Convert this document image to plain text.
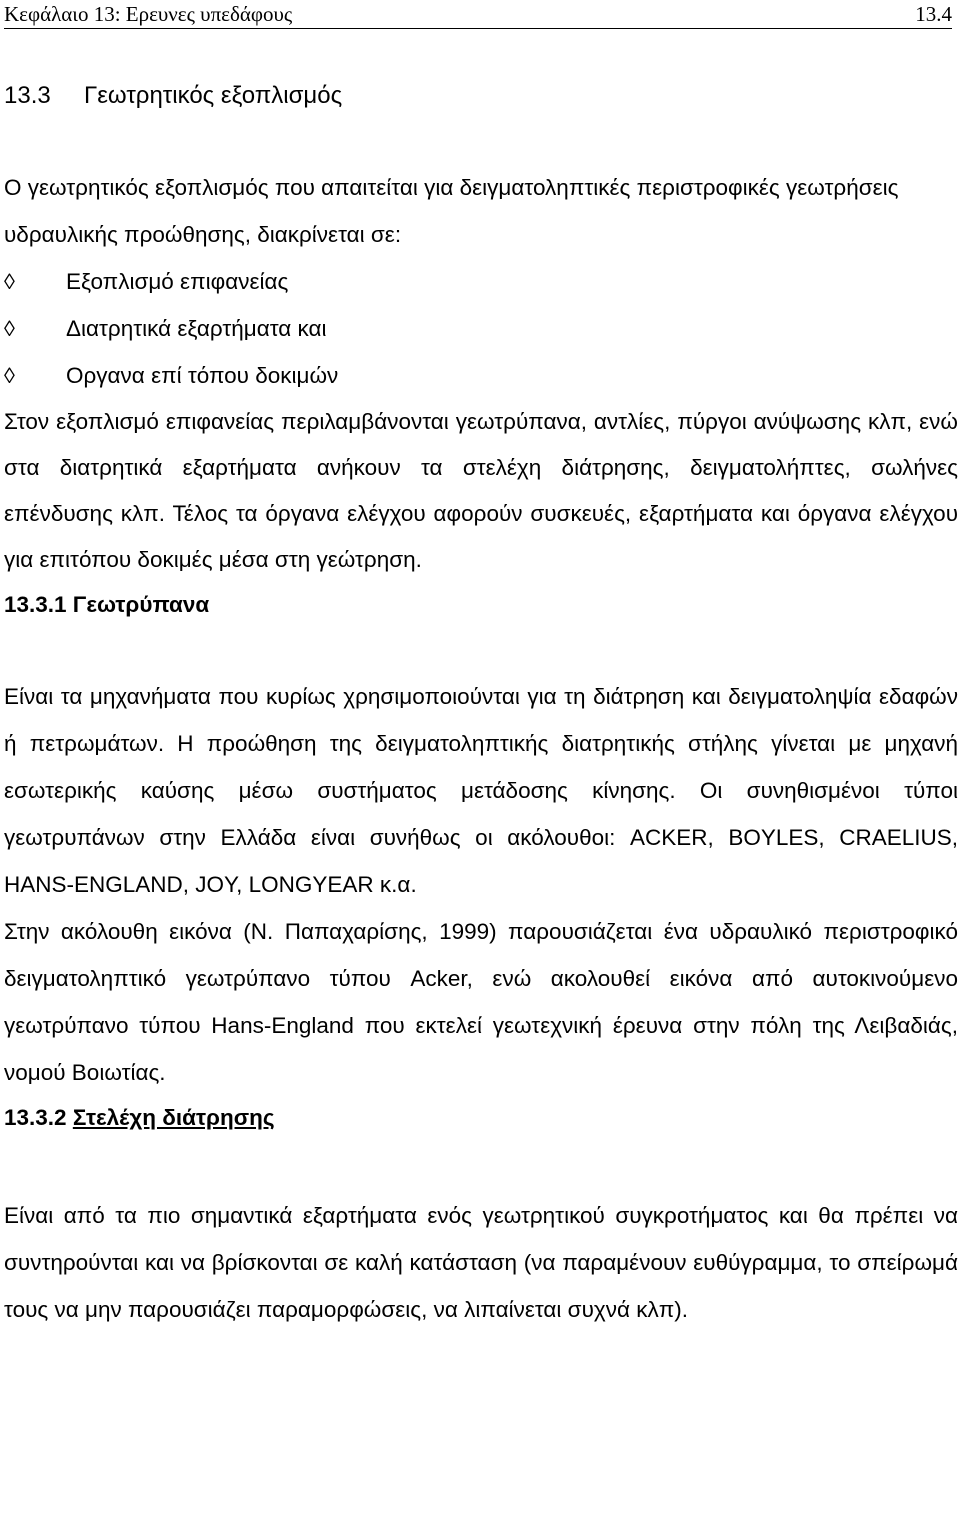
Κεφάλαιο 13: Ερευνες υπεδάφους	13.4
13.3 Γεωτρητικός εξοπλισμός

Ο γεωτρητικός εξοπλισμός που απαιτείται για δειγματοληπτικές περιστροφικές γεωτρήσεις υδραυλικής προώθησης, διακρίνεται σε:

◊	Εξοπλισμό επιφανείας
◊	Διατρητικά εξαρτήματα και
◊	Οργανα επί τόπου δοκιμών

Στον εξοπλισμό επιφανείας περιλαμβάνονται γεωτρύπανα, αντλίες, πύργοι ανύψωσης κλπ, ενώ στα διατρητικά εξαρτήματα ανήκουν τα στελέχη διάτρησης, δειγματολήπτες, σωλήνες επένδυσης κλπ. Τέλος τα όργανα ελέγχου αφορούν συσκευές, εξαρτήματα και όργανα ελέγχου για επιτόπου δοκιμές μέσα στη γεώτρηση.

13.3.1 Γεωτρύπανα

Είναι τα μηχανήματα που κυρίως χρησιμοποιούνται για τη διάτρηση και δειγματοληψία εδαφών ή πετρωμάτων. Η προώθηση της δειγματοληπτικής διατρητικής στήλης γίνεται με μηχανή εσωτερικής καύσης μέσω συστήματος μετάδοσης κίνησης. Οι συνηθισμένοι τύποι γεωτρυπάνων στην Ελλάδα είναι συνήθως οι ακόλουθοι: ACKER, BOYLES, CRAELIUS, HANS-ENGLAND, JOY, LONGYEAR κ.α.

Στην ακόλουθη εικόνα (Ν. Παπαχαρίσης, 1999) παρουσιάζεται ένα υδραυλικό περιστροφικό δειγματοληπτικό γεωτρύπανο τύπου Acker, ενώ ακολουθεί εικόνα από αυτοκινούμενο γεωτρύπανο τύπου Hans-England που εκτελεί γεωτεχνική έρευνα στην πόλη της Λειβαδιάς, νομού Βοιωτίας.

13.3.2 Στελέχη διάτρησης

Είναι από τα πιο σημαντικά εξαρτήματα ενός γεωτρητικού συγκροτήματος και θα πρέπει να συντηρούνται και να βρίσκονται σε καλή κατάσταση (να παραμένουν ευθύγραμμα, το σπείρωμά τους να μην παρουσιάζει παραμορφώσεις, να λιπαίνεται συχνά κλπ).
